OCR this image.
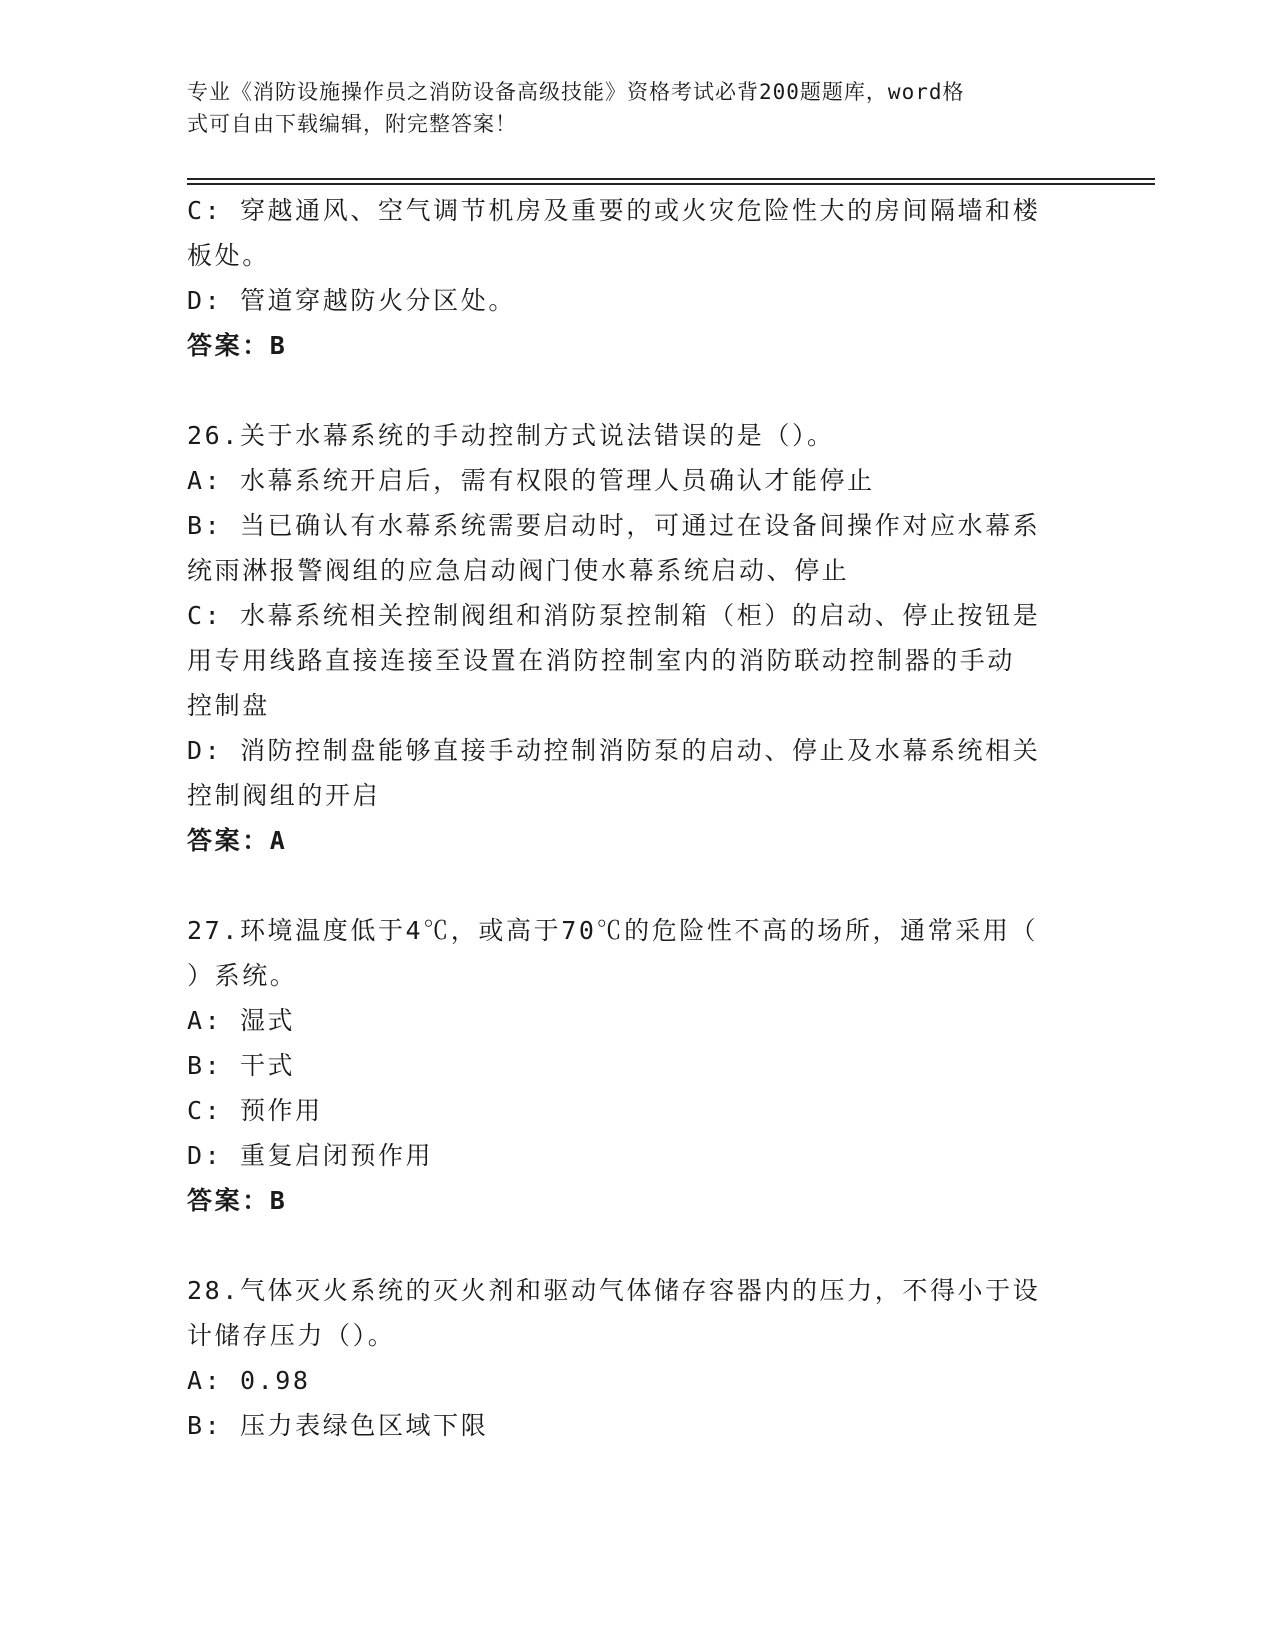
专业《消防设施操作员之消防设备高级技能》资格考试必背200题题库，word格
式可自由下载编辑，附完整答案！
C: 穿越通风、空气调节机房及重要的或火灾危险性大的房间隔墙和楼
板处。
D: 管道穿越防火分区处。
答案：B
26.关于水幕系统的手动控制方式说法错误的是（）。
A: 水幕系统开启后，需有权限的管理人员确认才能停止
B: 当已确认有水幕系统需要启动时，可通过在设备间操作对应水幕系
统雨淋报警阀组的应急启动阀门使水幕系统启动、停止
C: 水幕系统相关控制阀组和消防泵控制箱（柜）的启动、停止按钮是
用专用线路直接连接至设置在消防控制室内的消防联动控制器的手动
控制盘
D: 消防控制盘能够直接手动控制消防泵的启动、停止及水幕系统相关
控制阀组的开启
答案：A
27.环境温度低于4℃，或高于70℃的危险性不高的场所，通常采用（
）系统。
A: 湿式
B: 干式
C: 预作用
D: 重复启闭预作用
答案：B
28.气体灭火系统的灭火剂和驱动气体储存容器内的压力，不得小于设
计储存压力（）。
A: 0.98
B: 压力表绿色区域下限
